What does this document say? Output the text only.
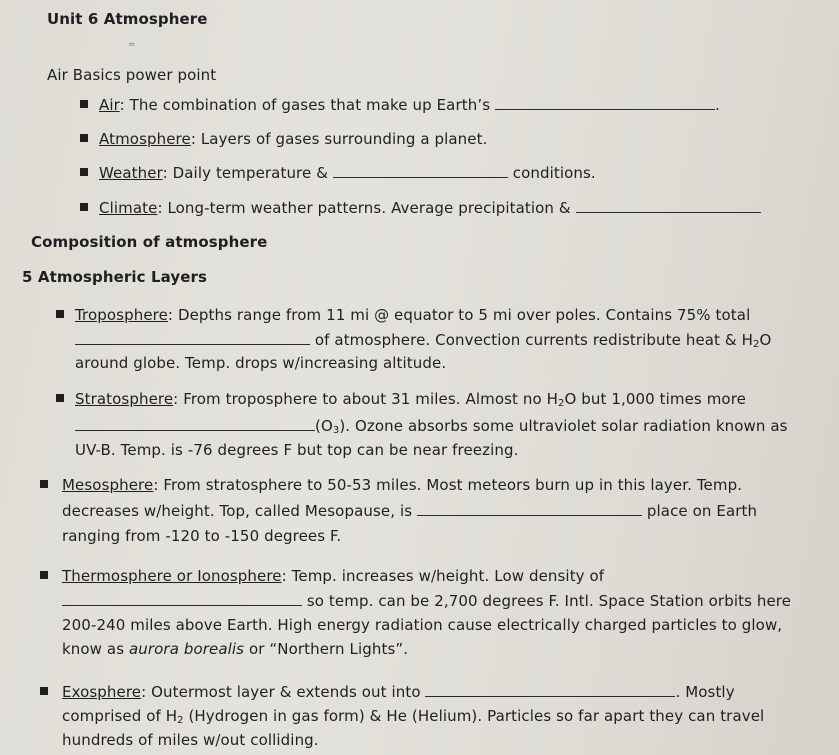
Unit 6 Atmosphere
≈
Air Basics power point
Air: The combination of gases that make up Earth’s	.
Atmosphere: Layers of gases surrounding a planet.
Weather: Daily temperature &	conditions.
Climate: Long-term weather patterns. Average precipitation &
Composition of atmosphere
5 Atmospheric Layers
Troposphere: Depths range from 11 mi @ equator to 5 mi over poles. Contains 75% total
of atmosphere. Convection currents redistribute heat & $H_2O$
around globe. Temp. drops w/increasing altitude.
Stratosphere: From troposphere to about 31 miles. Almost no $H_2O$ but 1,000 times more
$(O_3)$. Ozone absorbs some ultraviolet solar radiation known as
UV-B. Temp. is -76 degrees F but top can be near freezing.
Mesosphere: From stratosphere to 50-53 miles. Most meteors burn up in this layer. Temp.
decreases w/height. Top, called Mesopause, is	place on Earth
ranging from -120 to -150 degrees F.
Thermosphere or Ionosphere: Temp. increases w/height. Low density of
so temp. can be 2,700 degrees F. Intl. Space Station orbits here
200-240 miles above Earth. High energy radiation cause electrically charged particles to glow,
know as aurora borealis or “Northern Lights”.
Exosphere: Outermost layer & extends out into	. Mostly
comprised of $H_2$ (Hydrogen in gas form) & He (Helium). Particles so far apart they can travel
hundreds of miles w/out colliding.
